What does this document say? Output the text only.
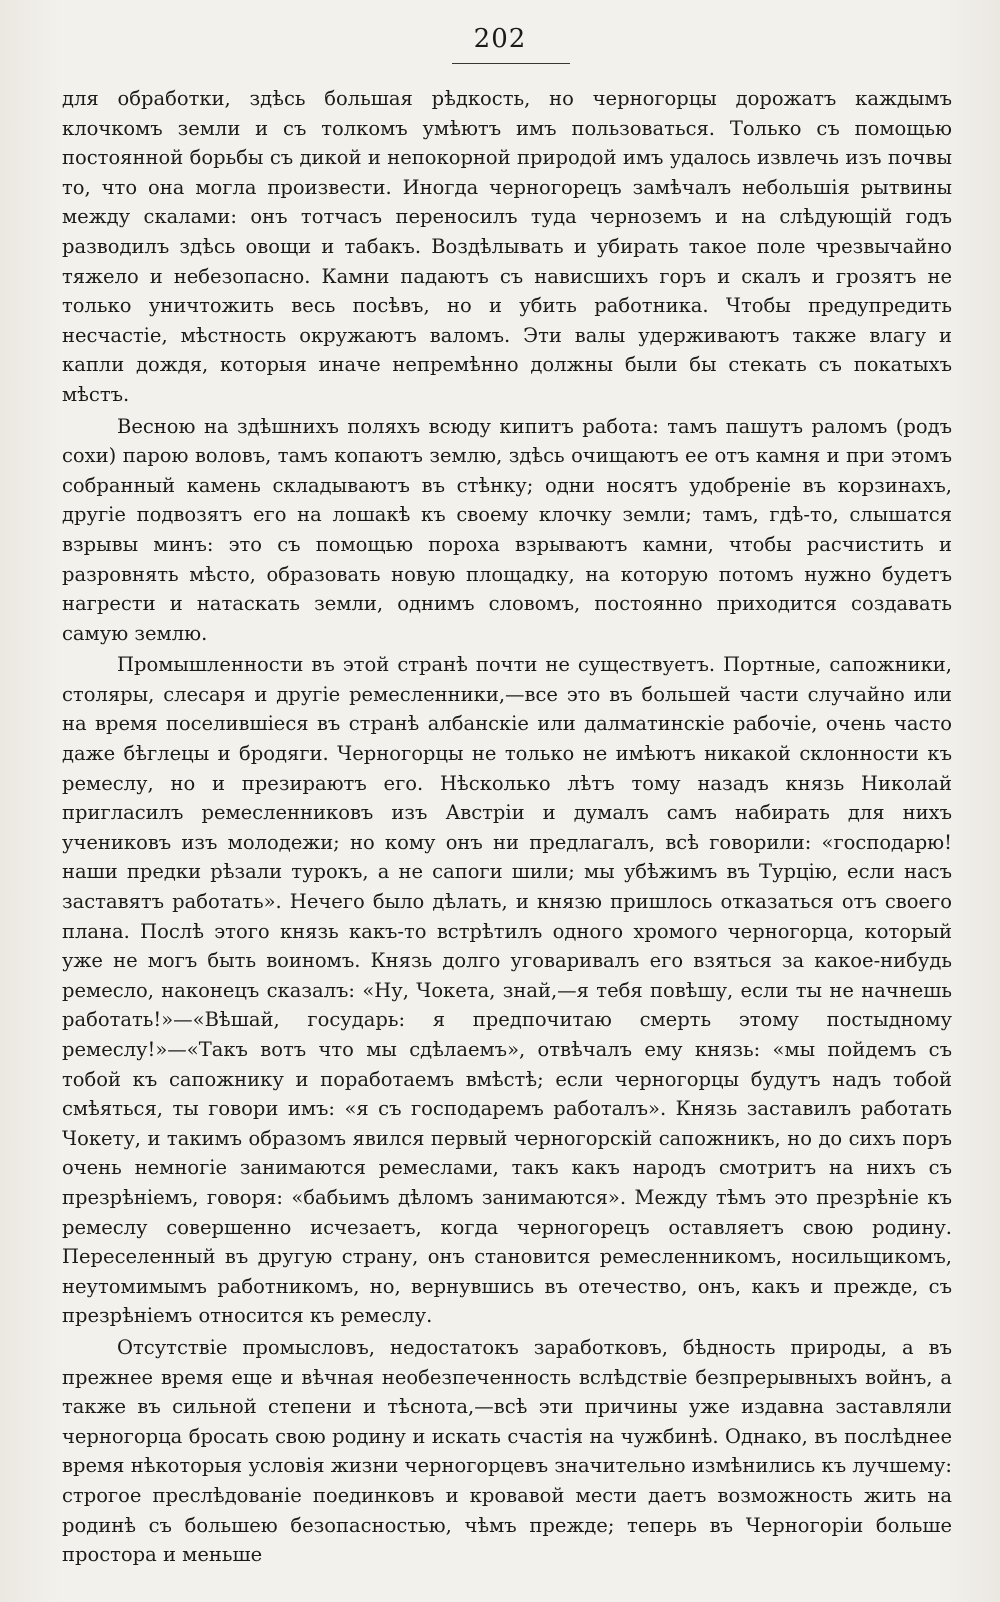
202

для обработки, здѣсь большая рѣдкость, но черногорцы дорожатъ каждымъ клочкомъ земли и съ толкомъ умѣютъ имъ пользоваться. Только съ помощью постоянной борьбы съ дикой и непокорной природой имъ удалось извлечь изъ почвы то, что она могла произвести. Иногда черногорецъ замѣчалъ небольшія рытвины между скалами: онъ тотчасъ переносилъ туда черноземъ и на слѣдующій годъ разводилъ здѣсь овощи и табакъ. Воздѣлывать и убирать такое поле чрезвычайно тяжело и небезопасно. Камни падаютъ съ нависшихъ горъ и скалъ и грозятъ не только уничтожить весь посѣвъ, но и убить работника. Чтобы предупредить несчастіе, мѣстность окружаютъ валомъ. Эти валы удерживаютъ также влагу и капли дождя, которыя иначе непремѣнно должны были бы стекать съ покатыхъ мѣстъ.

Весною на здѣшнихъ поляхъ всюду кипитъ работа: тамъ пашутъ раломъ (родъ сохи) парою воловъ, тамъ копаютъ землю, здѣсь очищаютъ ее отъ камня и при этомъ собранный камень складываютъ въ стѣнку; одни носятъ удобреніе въ корзинахъ, другіе подвозятъ его на лошакѣ къ своему клочку земли; тамъ, гдѣ-то, слышатся взрывы минъ: это съ помощью пороха взрываютъ камни, чтобы расчистить и разровнять мѣсто, образовать новую площадку, на которую потомъ нужно будетъ нагрести и натаскать земли, однимъ словомъ, постоянно приходится создавать самую землю.

Промышленности въ этой странѣ почти не существуетъ. Портные, сапожники, столяры, слесаря и другіе ремесленники,—все это въ большей части случайно или на время поселившіеся въ странѣ албанскіе или далматинскіе рабочіе, очень часто даже бѣглецы и бродяги. Черногорцы не только не имѣютъ никакой склонности къ ремеслу, но и презираютъ его. Нѣсколько лѣтъ тому назадъ князь Николай пригласилъ ремесленниковъ изъ Австріи и думалъ самъ набирать для нихъ учениковъ изъ молодежи; но кому онъ ни предлагалъ, всѣ говорили: «господарю! наши предки рѣзали турокъ, а не сапоги шили; мы убѣжимъ въ Турцію, если насъ заставятъ работать». Нечего было дѣлать, и князю пришлось отказаться отъ своего плана. Послѣ этого князь какъ-то встрѣтилъ одного хромого черногорца, который уже не могъ быть воиномъ. Князь долго уговаривалъ его взяться за какое-нибудь ремесло, наконецъ сказалъ: «Ну, Чокета, знай,—я тебя повѣшу, если ты не начнешь работать!»—«Вѣшай, государь: я предпочитаю смерть этому постыдному ремеслу!»—«Такъ вотъ что мы сдѣлаемъ», отвѣчалъ ему князь: «мы пойдемъ съ тобой къ сапожнику и поработаемъ вмѣстѣ; если черногорцы будутъ надъ тобой смѣяться, ты говори имъ: «я съ господаремъ работалъ». Князь заставилъ работать Чокету, и такимъ образомъ явился первый черногорскій сапожникъ, но до сихъ поръ очень немногіе занимаются ремеслами, такъ какъ народъ смотритъ на нихъ съ презрѣніемъ, говоря: «бабьимъ дѣломъ занимаются». Между тѣмъ это презрѣніе къ ремеслу совершенно исчезаетъ, когда черногорецъ оставляетъ свою родину. Переселенный въ другую страну, онъ становится ремесленникомъ, носильщикомъ, неутомимымъ работникомъ, но, вернувшись въ отечество, онъ, какъ и прежде, съ презрѣніемъ относится къ ремеслу.

Отсутствіе промысловъ, недостатокъ заработковъ, бѣдность природы, а въ прежнее время еще и вѣчная необезпеченность вслѣдствіе безпрерывныхъ войнъ, а также въ сильной степени и тѣснота,—всѣ эти причины уже издавна заставляли черногорца бросать свою родину и искать счастія на чужбинѣ. Однако, въ послѣднее время нѣкоторыя условія жизни черногорцевъ значительно измѣнились къ лучшему: строгое преслѣдованіе поединковъ и кровавой мести даетъ возможность жить на родинѣ съ большею безопасностью, чѣмъ прежде; теперь въ Черногоріи больше простора и меньше
